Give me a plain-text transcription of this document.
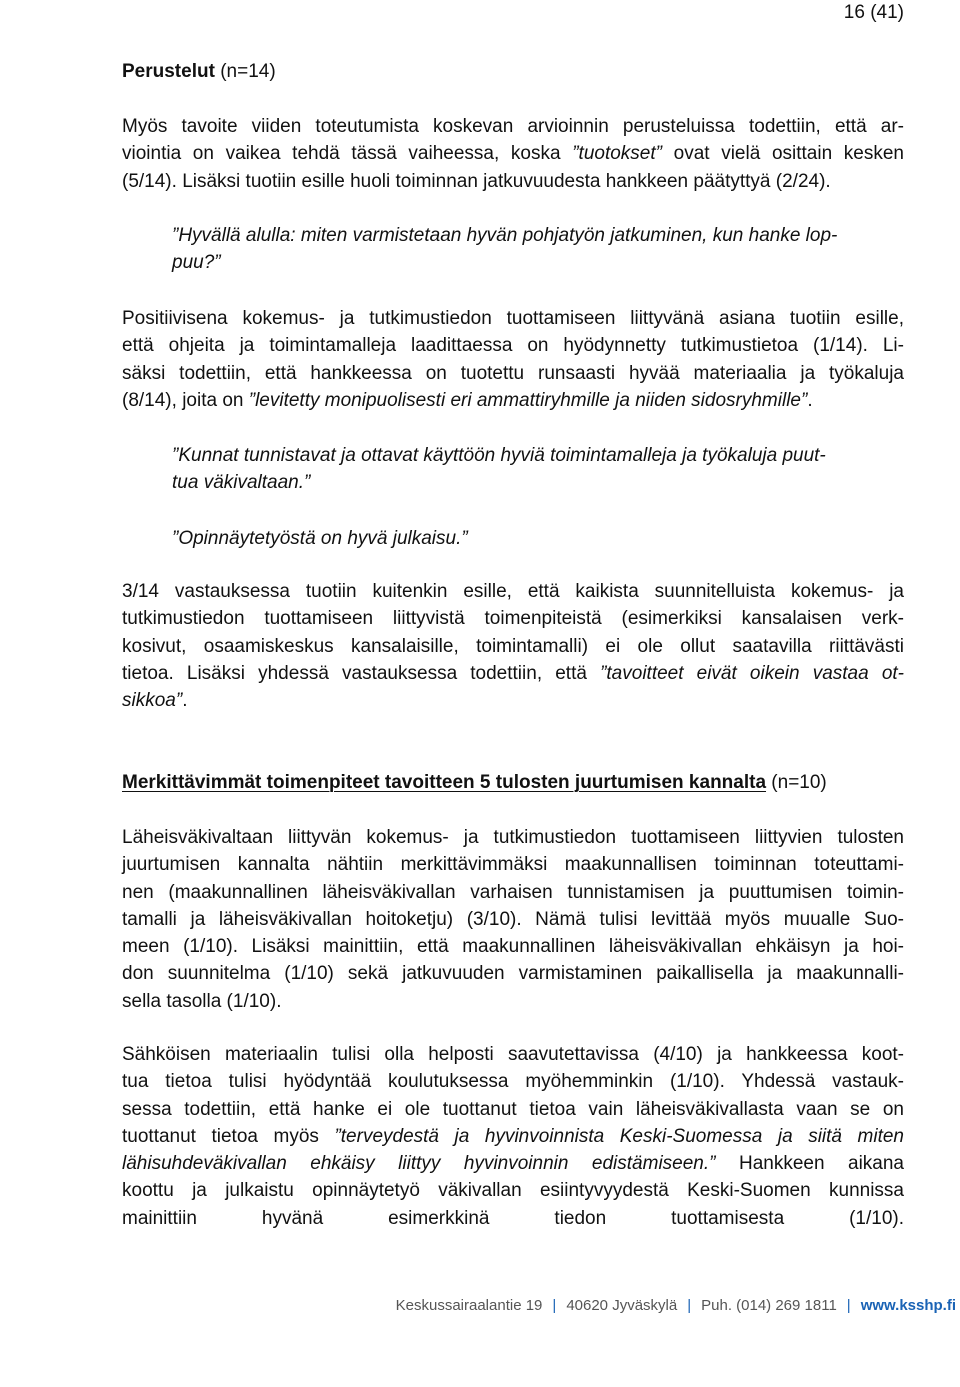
16 (41)
Perustelut (n=14)
Myös tavoite viiden toteutumista koskevan arvioinnin perusteluissa todettiin, että ar-
viointia on vaikea tehdä tässä vaiheessa, koska ”tuotokset” ovat vielä osittain kesken
(5/14). Lisäksi tuotiin esille huoli toiminnan jatkuvuudesta hankkeen päätyttyä (2/24).
”Hyvällä alulla: miten varmistetaan hyvän pohjatyön jatkuminen, kun hanke lop-
puu?”
Positiivisena kokemus- ja tutkimustiedon tuottamiseen liittyvänä asiana tuotiin esille,
että ohjeita ja toimintamalleja laadittaessa on hyödynnetty tutkimustietoa (1/14). Li-
säksi todettiin, että hankkeessa on tuotettu runsaasti hyvää materiaalia ja työkaluja
(8/14), joita on ”levitetty monipuolisesti eri ammattiryhmille ja niiden sidosryhmille”.
”Kunnat tunnistavat ja ottavat käyttöön hyviä toimintamalleja ja työkaluja puut-
tua väkivaltaan.”
”Opinnäytetyöstä on hyvä julkaisu.”
3/14 vastauksessa tuotiin kuitenkin esille, että kaikista suunnitelluista kokemus- ja
tutkimustiedon tuottamiseen liittyvistä toimenpiteistä (esimerkiksi kansalaisen verk-
kosivut, osaamiskeskus kansalaisille, toimintamalli) ei ole ollut saatavilla riittävästi
tietoa. Lisäksi yhdessä vastauksessa todettiin, että ”tavoitteet eivät oikein vastaa ot-
sikkoa”.
Merkittävimmät toimenpiteet tavoitteen 5 tulosten juurtumisen kannalta (n=10)
Läheisväkivaltaan liittyvän kokemus- ja tutkimustiedon tuottamiseen liittyvien tulosten
juurtumisen kannalta nähtiin merkittävimmäksi maakunnallisen toiminnan toteuttami-
nen (maakunnallinen läheisväkivallan varhaisen tunnistamisen ja puuttumisen toimin-
tamalli ja läheisväkivallan hoitoketju) (3/10). Nämä tulisi levittää myös muualle Suo-
meen (1/10). Lisäksi mainittiin, että maakunnallinen läheisväkivallan ehkäisyn ja hoi-
don suunnitelma (1/10) sekä jatkuvuuden varmistaminen paikallisella ja maakunnalli-
sella tasolla (1/10).
Sähköisen materiaalin tulisi olla helposti saavutettavissa (4/10) ja hankkeessa koot-
tua tietoa tulisi hyödyntää koulutuksessa myöhemminkin (1/10). Yhdessä vastauk-
sessa todettiin, että hanke ei ole tuottanut tietoa vain läheisväkivallasta vaan se on
tuottanut tietoa myös ”terveydestä ja hyvinvoinnista Keski-Suomessa ja siitä miten
lähisuhdeväkivallan ehkäisy liittyy hyvinvoinnin edistämiseen.” Hankkeen aikana
koottu ja julkaistu opinnäytetyö väkivallan esiintyvyydestä Keski-Suomen kunnissa
mainittiin hyvänä esimerkkinä tiedon tuottamisesta (1/10).
Keskussairaalantie 19 | 40620 Jyväskylä | Puh. (014) 269 1811 | www.ksshp.fi
